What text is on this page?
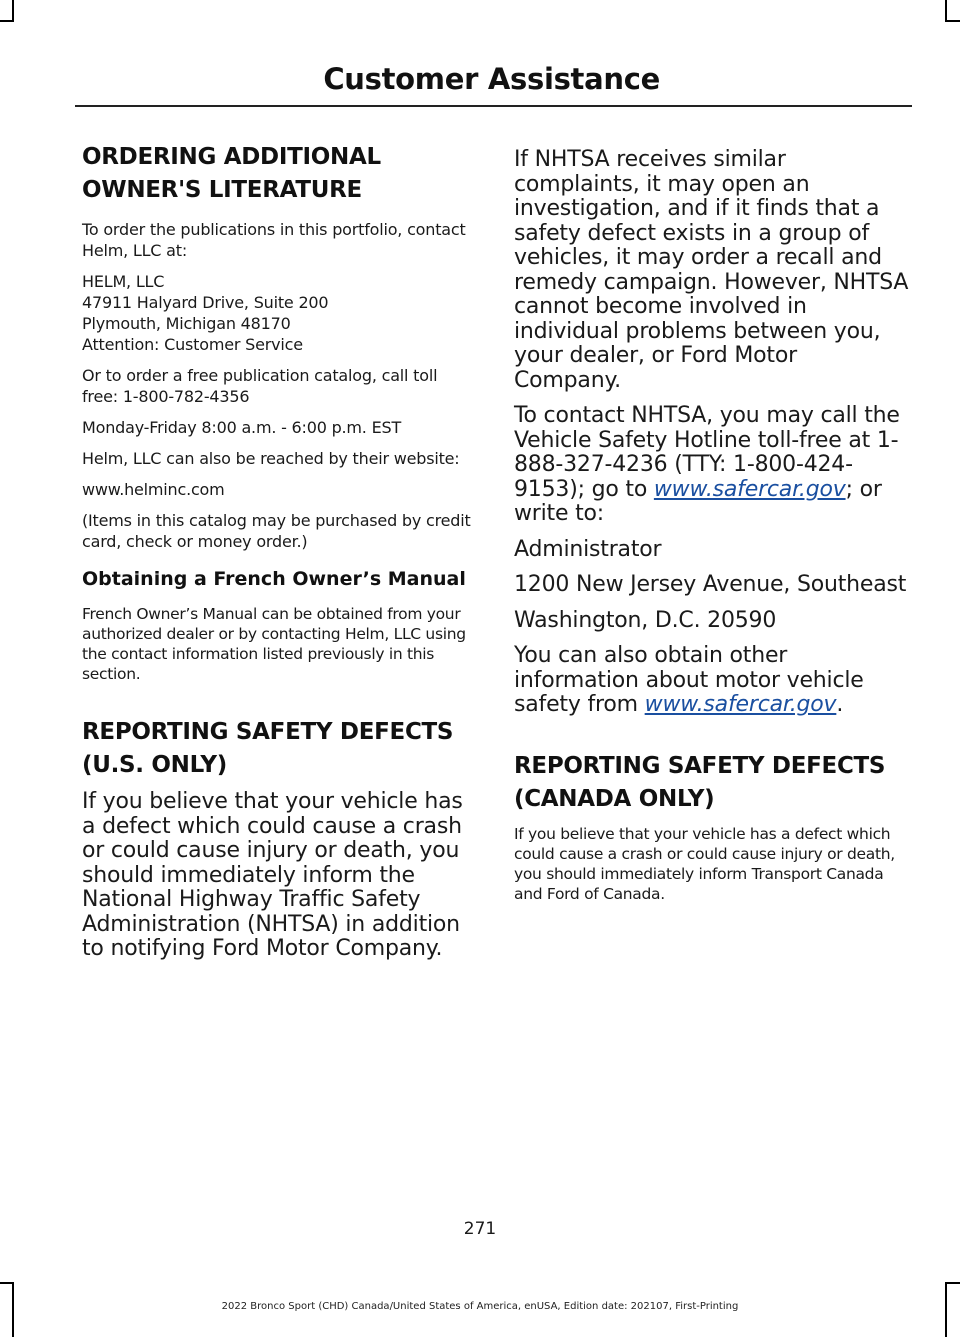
Customer Assistance
ORDERING ADDITIONAL
OWNER'S LITERATURE

To order the publications in this portfolio, contact Helm, LLC at:

HELM, LLC
47911 Halyard Drive, Suite 200
Plymouth, Michigan 48170
Attention: Customer Service

Or to order a free publication catalog, call toll free: 1-800-782-4356

Monday-Friday 8:00 a.m. - 6:00 p.m. EST

Helm, LLC can also be reached by their website:

www.helminc.com

(Items in this catalog may be purchased by credit card, check or money order.)

Obtaining a French Owner’s Manual

French Owner’s Manual can be obtained from your authorized dealer or by contacting Helm, LLC using the contact information listed previously in this section.

REPORTING SAFETY DEFECTS
(U.S. ONLY)

If you believe that your vehicle has a defect which could cause a crash or could cause injury or death, you should immediately inform the National Highway Traffic Safety Administration (NHTSA) in addition to notifying Ford Motor Company.

If NHTSA receives similar complaints, it may open an investigation, and if it finds that a safety defect exists in a group of vehicles, it may order a recall and remedy campaign. However, NHTSA cannot become involved in individual problems between you, your dealer, or Ford Motor Company.

To contact NHTSA, you may call the Vehicle Safety Hotline toll-free at 1-888-327-4236 (TTY: 1-800-424-9153); go to www.safercar.gov; or write to:

Administrator

1200 New Jersey Avenue, Southeast

Washington, D.C. 20590

You can also obtain other information about motor vehicle safety from www.safercar.gov.

REPORTING SAFETY DEFECTS
(CANADA ONLY)

If you believe that your vehicle has a defect which could cause a crash or could cause injury or death, you should immediately inform Transport Canada and Ford of Canada.

271
2022 Bronco Sport (CHD) Canada/United States of America, enUSA, Edition date: 202107, First-Printing
